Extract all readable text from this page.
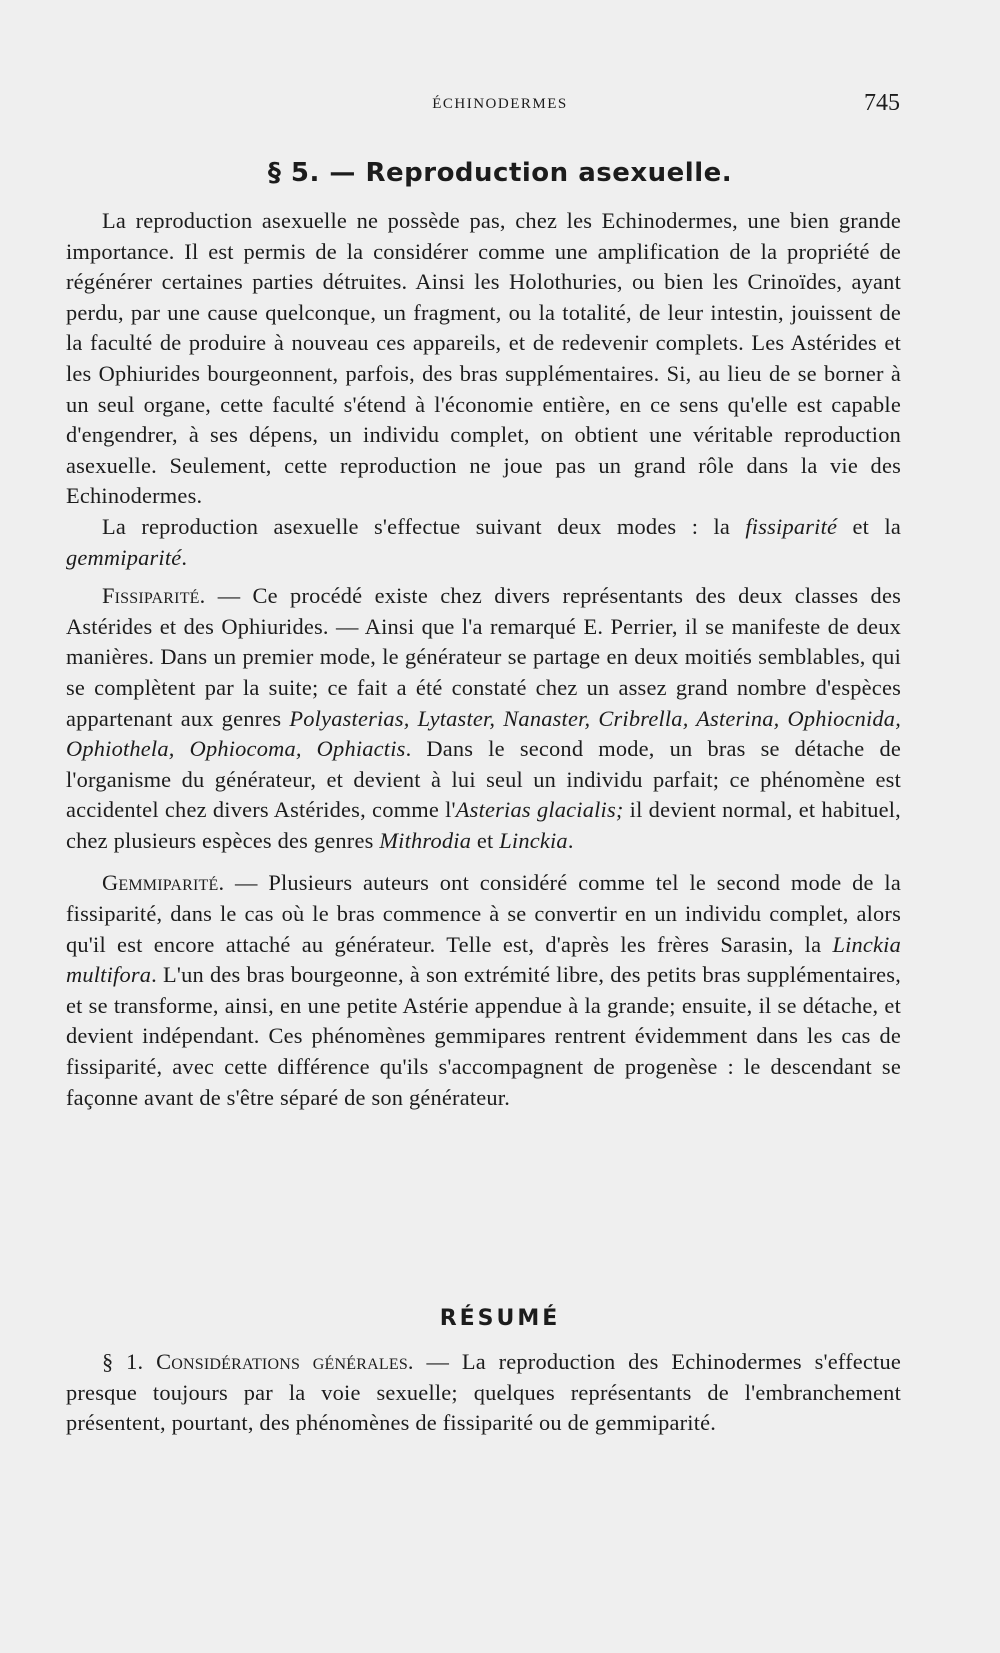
ÉCHINODERMES	745
§ 5. — Reproduction asexuelle.

La reproduction asexuelle ne possède pas, chez les Echinodermes, une bien grande importance. Il est permis de la considérer comme une amplification de la propriété de régénérer certaines parties détruites. Ainsi les Holothuries, ou bien les Crinoïdes, ayant perdu, par une cause quelconque, un fragment, ou la totalité, de leur intestin, jouissent de la faculté de produire à nouveau ces appareils, et de redevenir complets. Les Astérides et les Ophiurides bourgeonnent, parfois, des bras supplémentaires. Si, au lieu de se borner à un seul organe, cette faculté s'étend à l'économie entière, en ce sens qu'elle est capable d'engendrer, à ses dépens, un individu complet, on obtient une véritable reproduction asexuelle. Seulement, cette reproduction ne joue pas un grand rôle dans la vie des Echinodermes.

La reproduction asexuelle s'effectue suivant deux modes : la fissiparité et la gemmiparité.

Fissiparité. — Ce procédé existe chez divers représentants des deux classes des Astérides et des Ophiurides. — Ainsi que l'a remarqué E. Perrier, il se manifeste de deux manières. Dans un premier mode, le générateur se partage en deux moitiés semblables, qui se complètent par la suite; ce fait a été constaté chez un assez grand nombre d'espèces appartenant aux genres Polyasterias, Lytaster, Nanaster, Cribrella, Asterina, Ophiocnida, Ophiothela, Ophiocoma, Ophiactis. Dans le second mode, un bras se détache de l'organisme du générateur, et devient à lui seul un individu parfait; ce phénomène est accidentel chez divers Astérides, comme l'Asterias glacialis; il devient normal, et habituel, chez plusieurs espèces des genres Mithrodia et Linckia.

Gemmiparité. — Plusieurs auteurs ont considéré comme tel le second mode de la fissiparité, dans le cas où le bras commence à se convertir en un individu complet, alors qu'il est encore attaché au générateur. Telle est, d'après les frères Sarasin, la Linckia multifora. L'un des bras bourgeonne, à son extrémité libre, des petits bras supplémentaires, et se transforme, ainsi, en une petite Astérie appendue à la grande; ensuite, il se détache, et devient indépendant. Ces phénomènes gemmipares rentrent évidemment dans les cas de fissiparité, avec cette différence qu'ils s'accompagnent de progenèse : le descendant se façonne avant de s'être séparé de son générateur.

RÉSUMÉ

§ 1. Considérations générales. — La reproduction des Echinodermes s'effectue presque toujours par la voie sexuelle; quelques représentants de l'embranchement présentent, pourtant, des phénomènes de fissiparité ou de gemmiparité.
